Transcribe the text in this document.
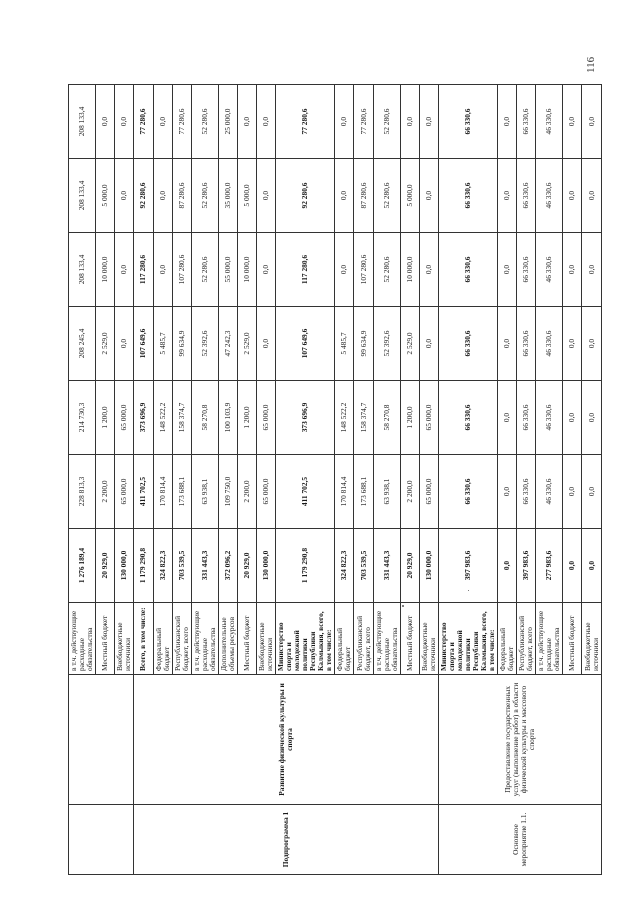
		в т.ч. действующие расходные обязательства	1 276 189,4	228 813,3	214 730,3	208 245,4	208 133,4	208 133,4	208 133,4
		Местный бюджет	20 929,0	2 200,0	1 200,0	2 529,0	10 000,0	5 000,0	0,0
		Внебюджетные источники	130 000,0	65 000,0	65 000,0	0,0	0,0	0,0	0,0
Подпрограмма 1	Развитие физической культуры и спорта	Всего, в том числе:	1 179 290,8	411 702,5	373 696,9	107 649,6	117 280,6	92 280,6	77 280,6
		Федеральный бюджет	324 822,3	170 814,4	148 522,2	5 485,7	0,0	0,0	0,0
		Республиканский бюджет, всего	703 539,5	173 688,1	158 374,7	99 634,9	107 280,6	87 280,6	77 280,6
		в т.ч. действующие расходные обязательства	331 443,3	63 938,1	58 270,8	52 392,6	52 280,6	52 280,6	52 280,6
		Дополнительные объемы ресурсов	372 096,2	109 750,0	100 103,9	47 242,3	55 000,0	35 000,0	25 000,0
		Местный бюджет	20 929,0	2 200,0	1 200,0	2 529,0	10 000,0	5 000,0	0,0
		Внебюджетные источники	130 000,0	65 000,0	65 000,0	0,0	0,0	0,0	0,0
		Министерство спорта и молодежной политики Республики Калмыкия, всего, в том числе:	1 179 290,8	411 702,5	373 696,9	107 649,6	117 280,6	92 280,6	77 280,6
		Федеральный бюджет	324 822,3	170 814,4	148 522,2	5 485,7	0,0	0,0	0,0
		Республиканский бюджет, всего	703 539,5	173 688,1	158 374,7	99 634,9	107 280,6	87 280,6	77 280,6
		в т.ч. действующие расходные обязательства	331 443,3	63 938,1	58 270,8	52 392,6	52 280,6	52 280,6	52 280,6
		Местный бюджет	20 929,0	2 200,0	1 200,0	2 529,0	10 000,0	5 000,0	0,0
		Внебюджетные источники	130 000,0	65 000,0	65 000,0	0,0	0,0	0,0	0,0
Основное мероприятие 1.1.	Предоставление государственных услуг (выполнение работ) в области физической культуры и массового спорта	Министерство спорта и молодежной политики Республики Калмыкия, всего, в том числе:	397 983,6	66 330,6	66 330,6	66 330,6	66 330,6	66 330,6	66 330,6
		Федеральный бюджет	0,0	0,0	0,0	0,0	0,0	0,0	0,0
		Республиканский бюджет, всего	397 983,6	66 330,6	66 330,6	66 330,6	66 330,6	66 330,6	66 330,6
		в т.ч. действующие расходные обязательства	277 983,6	46 330,6	46 330,6	46 330,6	46 330,6	46 330,6	46 330,6
		Местный бюджет	0,0	0,0	0,0	0,0	0,0	0,0	0,0
		Внебюджетные источники	0,0	0,0	0,0	0,0	0,0	0,0	0,0
116
